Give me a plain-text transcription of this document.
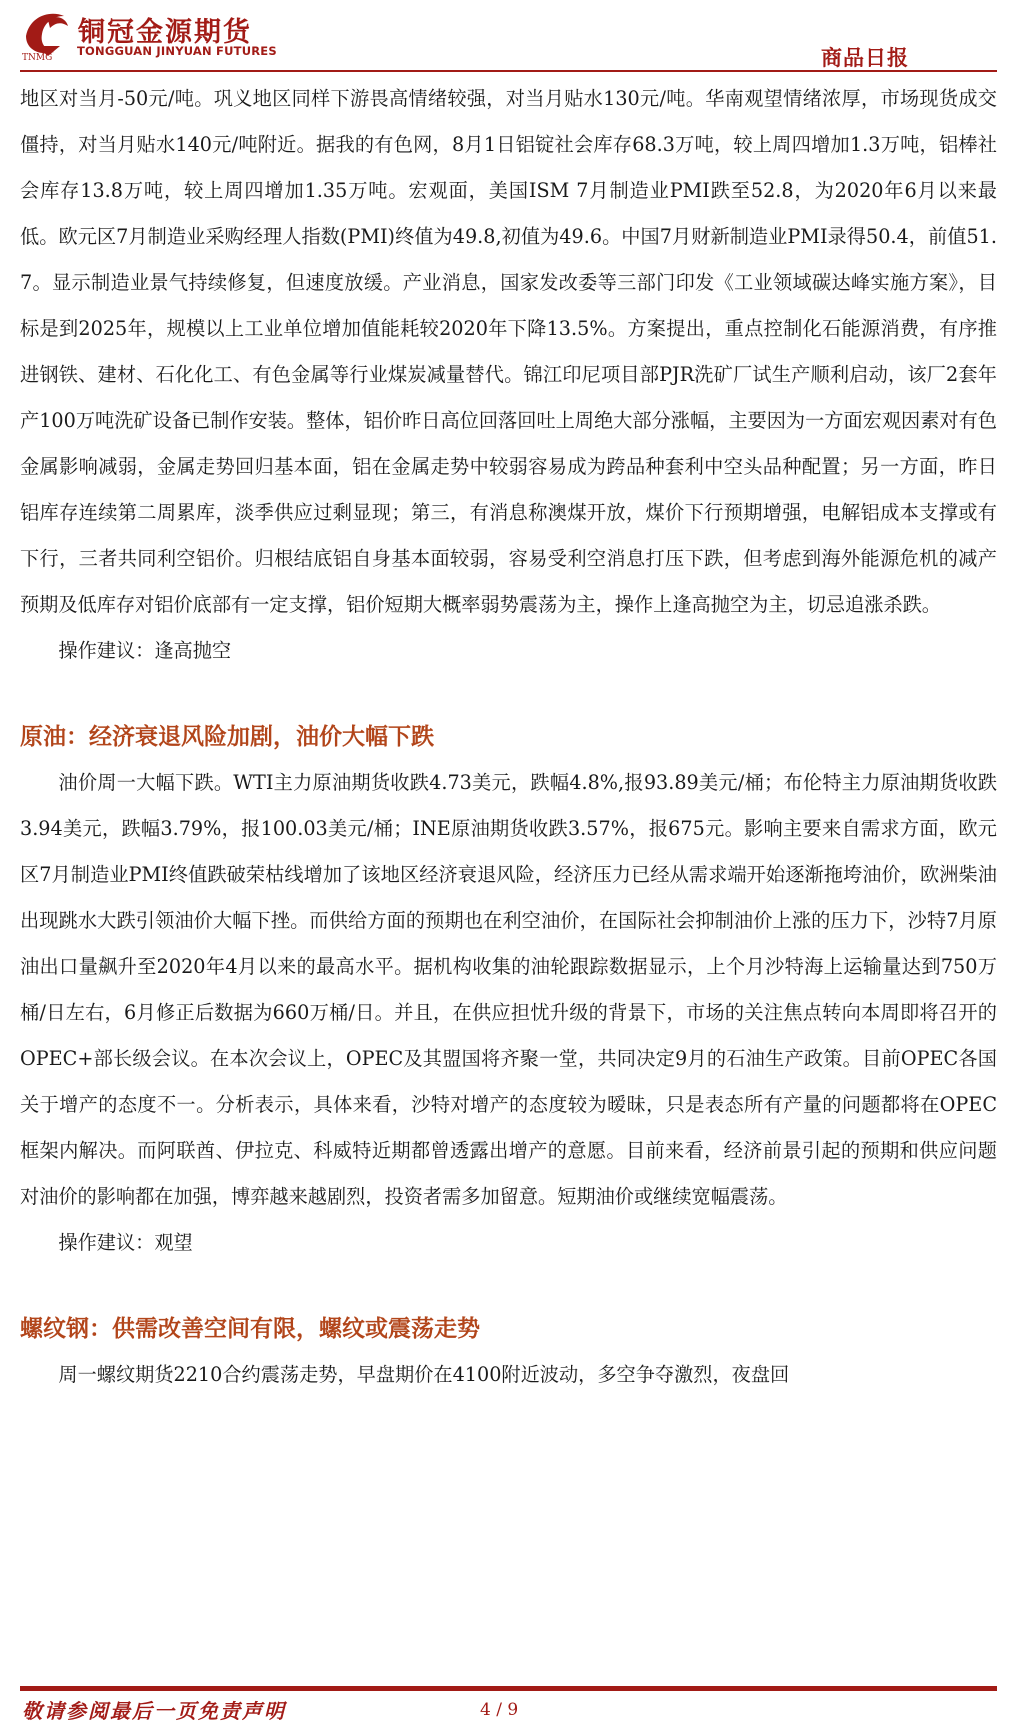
铜冠金源期货
TONGGUAN JINYUAN FUTURES
TNMG	商品日报

地区对当月-50元/吨。巩义地区同样下游畏高情绪较强，对当月贴水130元/吨。华南观望情绪浓厚，市场现货成交僵持，对当月贴水140元/吨附近。据我的有色网，8月1日铝锭社会库存68.3万吨，较上周四增加1.3万吨，铝棒社会库存13.8万吨，较上周四增加1.35万吨。宏观面，美国ISM 7月制造业PMI跌至52.8，为2020年6月以来最低。欧元区7月制造业采购经理人指数(PMI)终值为49.8,初值为49.6。中国7月财新制造业PMI录得50.4，前值51.7。显示制造业景气持续修复，但速度放缓。产业消息，国家发改委等三部门印发《工业领域碳达峰实施方案》，目标是到2025年，规模以上工业单位增加值能耗较2020年下降13.5%。方案提出，重点控制化石能源消费，有序推进钢铁、建材、石化化工、有色金属等行业煤炭减量替代。锦江印尼项目部PJR洗矿厂试生产顺利启动，该厂2套年产100万吨洗矿设备已制作安装。整体，铝价昨日高位回落回吐上周绝大部分涨幅，主要因为一方面宏观因素对有色金属影响减弱，金属走势回归基本面，铝在金属走势中较弱容易成为跨品种套利中空头品种配置；另一方面，昨日铝库存连续第二周累库，淡季供应过剩显现；第三，有消息称澳煤开放，煤价下行预期增强，电解铝成本支撑或有下行，三者共同利空铝价。归根结底铝自身基本面较弱，容易受利空消息打压下跌，但考虑到海外能源危机的减产预期及低库存对铝价底部有一定支撑，铝价短期大概率弱势震荡为主，操作上逢高抛空为主，切忌追涨杀跌。

操作建议：逢高抛空

原油：经济衰退风险加剧，油价大幅下跌

油价周一大幅下跌。WTI主力原油期货收跌4.73美元，跌幅4.8%,报93.89美元/桶；布伦特主力原油期货收跌3.94美元，跌幅3.79%，报100.03美元/桶；INE原油期货收跌3.57%，报675元。影响主要来自需求方面，欧元区7月制造业PMI终值跌破荣枯线增加了该地区经济衰退风险，经济压力已经从需求端开始逐渐拖垮油价，欧洲柴油出现跳水大跌引领油价大幅下挫。而供给方面的预期也在利空油价，在国际社会抑制油价上涨的压力下，沙特7月原油出口量飙升至2020年4月以来的最高水平。据机构收集的油轮跟踪数据显示，上个月沙特海上运输量达到750万桶/日左右，6月修正后数据为660万桶/日。并且，在供应担忧升级的背景下，市场的关注焦点转向本周即将召开的OPEC+部长级会议。在本次会议上，OPEC及其盟国将齐聚一堂，共同决定9月的石油生产政策。目前OPEC各国关于增产的态度不一。分析表示，具体来看，沙特对增产的态度较为暧昧，只是表态所有产量的问题都将在OPEC框架内解决。而阿联酋、伊拉克、科威特近期都曾透露出增产的意愿。目前来看，经济前景引起的预期和供应问题对油价的影响都在加强，博弈越来越剧烈，投资者需多加留意。短期油价或继续宽幅震荡。

操作建议：观望

螺纹钢：供需改善空间有限，螺纹或震荡走势

周一螺纹期货2210合约震荡走势，早盘期价在4100附近波动，多空争夺激烈，夜盘回

敬请参阅最后一页免责声明	4 / 9
